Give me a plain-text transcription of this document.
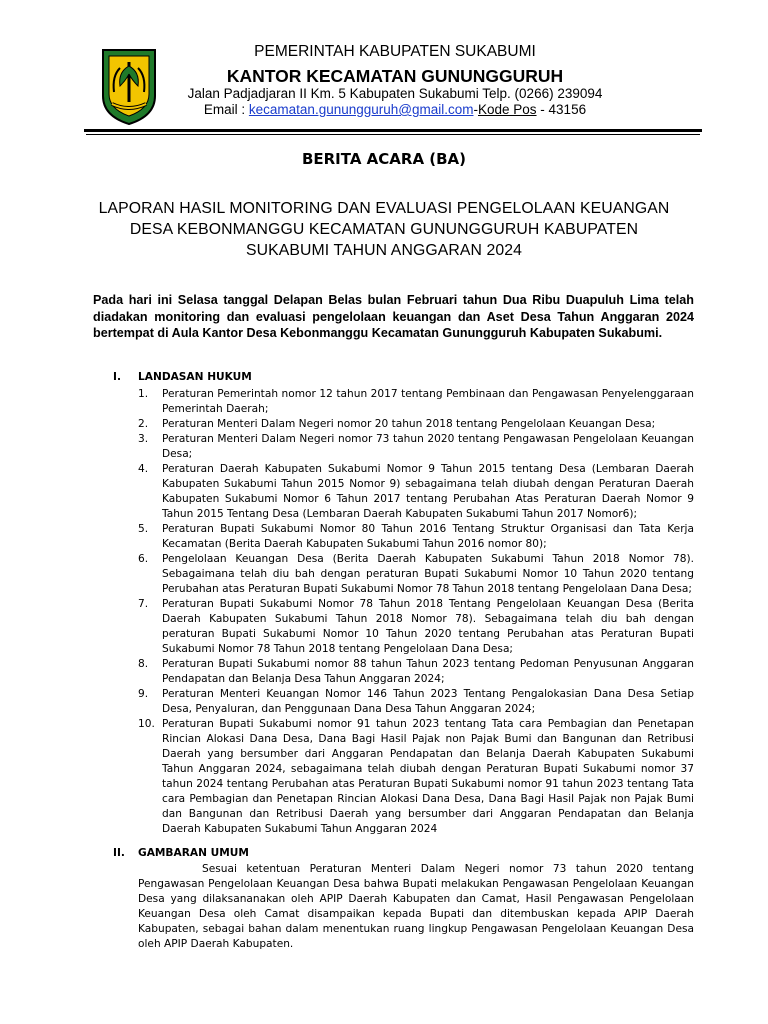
PEMERINTAH KABUPATEN SUKABUMI
KANTOR KECAMATAN GUNUNGGURUH
Jalan Padjadjaran II Km. 5 Kabupaten Sukabumi Telp. (0266) 239094
Email : kecamatan.gunungguruh@gmail.com-Kode Pos - 43156
BERITA ACARA (BA)
LAPORAN HASIL MONITORING DAN EVALUASI PENGELOLAAN KEUANGAN DESA KEBONMANGGU KECAMATAN GUNUNGGURUH KABUPATEN SUKABUMI TAHUN ANGGARAN 2024
Pada hari ini Selasa tanggal Delapan Belas bulan Februari tahun Dua Ribu Duapuluh Lima telah diadakan monitoring dan evaluasi pengelolaan keuangan dan Aset Desa Tahun Anggaran 2024 bertempat di Aula Kantor Desa Kebonmanggu Kecamatan Gunungguruh Kabupaten Sukabumi.
I. LANDASAN HUKUM
1. Peraturan Pemerintah nomor 12 tahun 2017 tentang Pembinaan dan Pengawasan Penyelenggaraan Pemerintah Daerah;
2. Peraturan Menteri Dalam Negeri nomor 20 tahun 2018 tentang Pengelolaan Keuangan Desa;
3. Peraturan Menteri Dalam Negeri nomor 73 tahun 2020 tentang Pengawasan Pengelolaan Keuangan Desa;
4. Peraturan Daerah Kabupaten Sukabumi Nomor 9 Tahun 2015 tentang Desa (Lembaran Daerah Kabupaten Sukabumi Tahun 2015 Nomor 9) sebagaimana telah diubah dengan Peraturan Daerah Kabupaten Sukabumi Nomor 6 Tahun 2017 tentang Perubahan Atas Peraturan Daerah Nomor 9 Tahun 2015 Tentang Desa (Lembaran Daerah Kabupaten Sukabumi Tahun 2017 Nomor6);
5. Peraturan Bupati Sukabumi Nomor 80 Tahun 2016 Tentang Struktur Organisasi dan Tata Kerja Kecamatan (Berita Daerah Kabupaten Sukabumi Tahun 2016 nomor 80);
6. Pengelolaan Keuangan Desa (Berita Daerah Kabupaten Sukabumi Tahun 2018 Nomor 78). Sebagaimana telah diu bah dengan peraturan Bupati Sukabumi Nomor 10 Tahun 2020 tentang Perubahan atas Peraturan Bupati Sukabumi Nomor 78 Tahun 2018 tentang Pengelolaan Dana Desa;
7. Peraturan Bupati Sukabumi Nomor 78 Tahun 2018 Tentang Pengelolaan Keuangan Desa (Berita Daerah Kabupaten Sukabumi Tahun 2018 Nomor 78). Sebagaimana telah diu bah dengan peraturan Bupati Sukabumi Nomor 10 Tahun 2020 tentang Perubahan atas Peraturan Bupati Sukabumi Nomor 78 Tahun 2018 tentang Pengelolaan Dana Desa;
8. Peraturan Bupati Sukabumi nomor 88 tahun Tahun 2023 tentang Pedoman Penyusunan Anggaran Pendapatan dan Belanja Desa Tahun Anggaran 2024;
9. Peraturan Menteri Keuangan Nomor 146 Tahun 2023 Tentang Pengalokasian Dana Desa Setiap Desa, Penyaluran, dan Penggunaan Dana Desa Tahun Anggaran 2024;
10. Peraturan Bupati Sukabumi nomor 91 tahun 2023 tentang Tata cara Pembagian dan Penetapan Rincian Alokasi Dana Desa, Dana Bagi Hasil Pajak non Pajak Bumi dan Bangunan dan Retribusi Daerah yang bersumber dari Anggaran Pendapatan dan Belanja Daerah Kabupaten Sukabumi Tahun Anggaran 2024, sebagaimana telah diubah dengan Peraturan Bupati Sukabumi nomor 37 tahun 2024 tentang Perubahan atas Peraturan Bupati Sukabumi nomor 91 tahun 2023 tentang Tata cara Pembagian dan Penetapan Rincian Alokasi Dana Desa, Dana Bagi Hasil Pajak non Pajak Bumi dan Bangunan dan Retribusi Daerah yang bersumber dari Anggaran Pendapatan dan Belanja Daerah Kabupaten Sukabumi Tahun Anggaran 2024
II. GAMBARAN UMUM
Sesuai ketentuan Peraturan Menteri Dalam Negeri nomor 73 tahun 2020 tentang Pengawasan Pengelolaan Keuangan Desa bahwa Bupati melakukan Pengawasan Pengelolaan Keuangan Desa yang dilaksananakan oleh APIP Daerah Kabupaten dan Camat, Hasil Pengawasan Pengelolaan Keuangan Desa oleh Camat disampaikan kepada Bupati dan ditembuskan kepada APIP Daerah Kabupaten, sebagai bahan dalam menentukan ruang lingkup Pengawasan Pengelolaan Keuangan Desa oleh APIP Daerah Kabupaten.
